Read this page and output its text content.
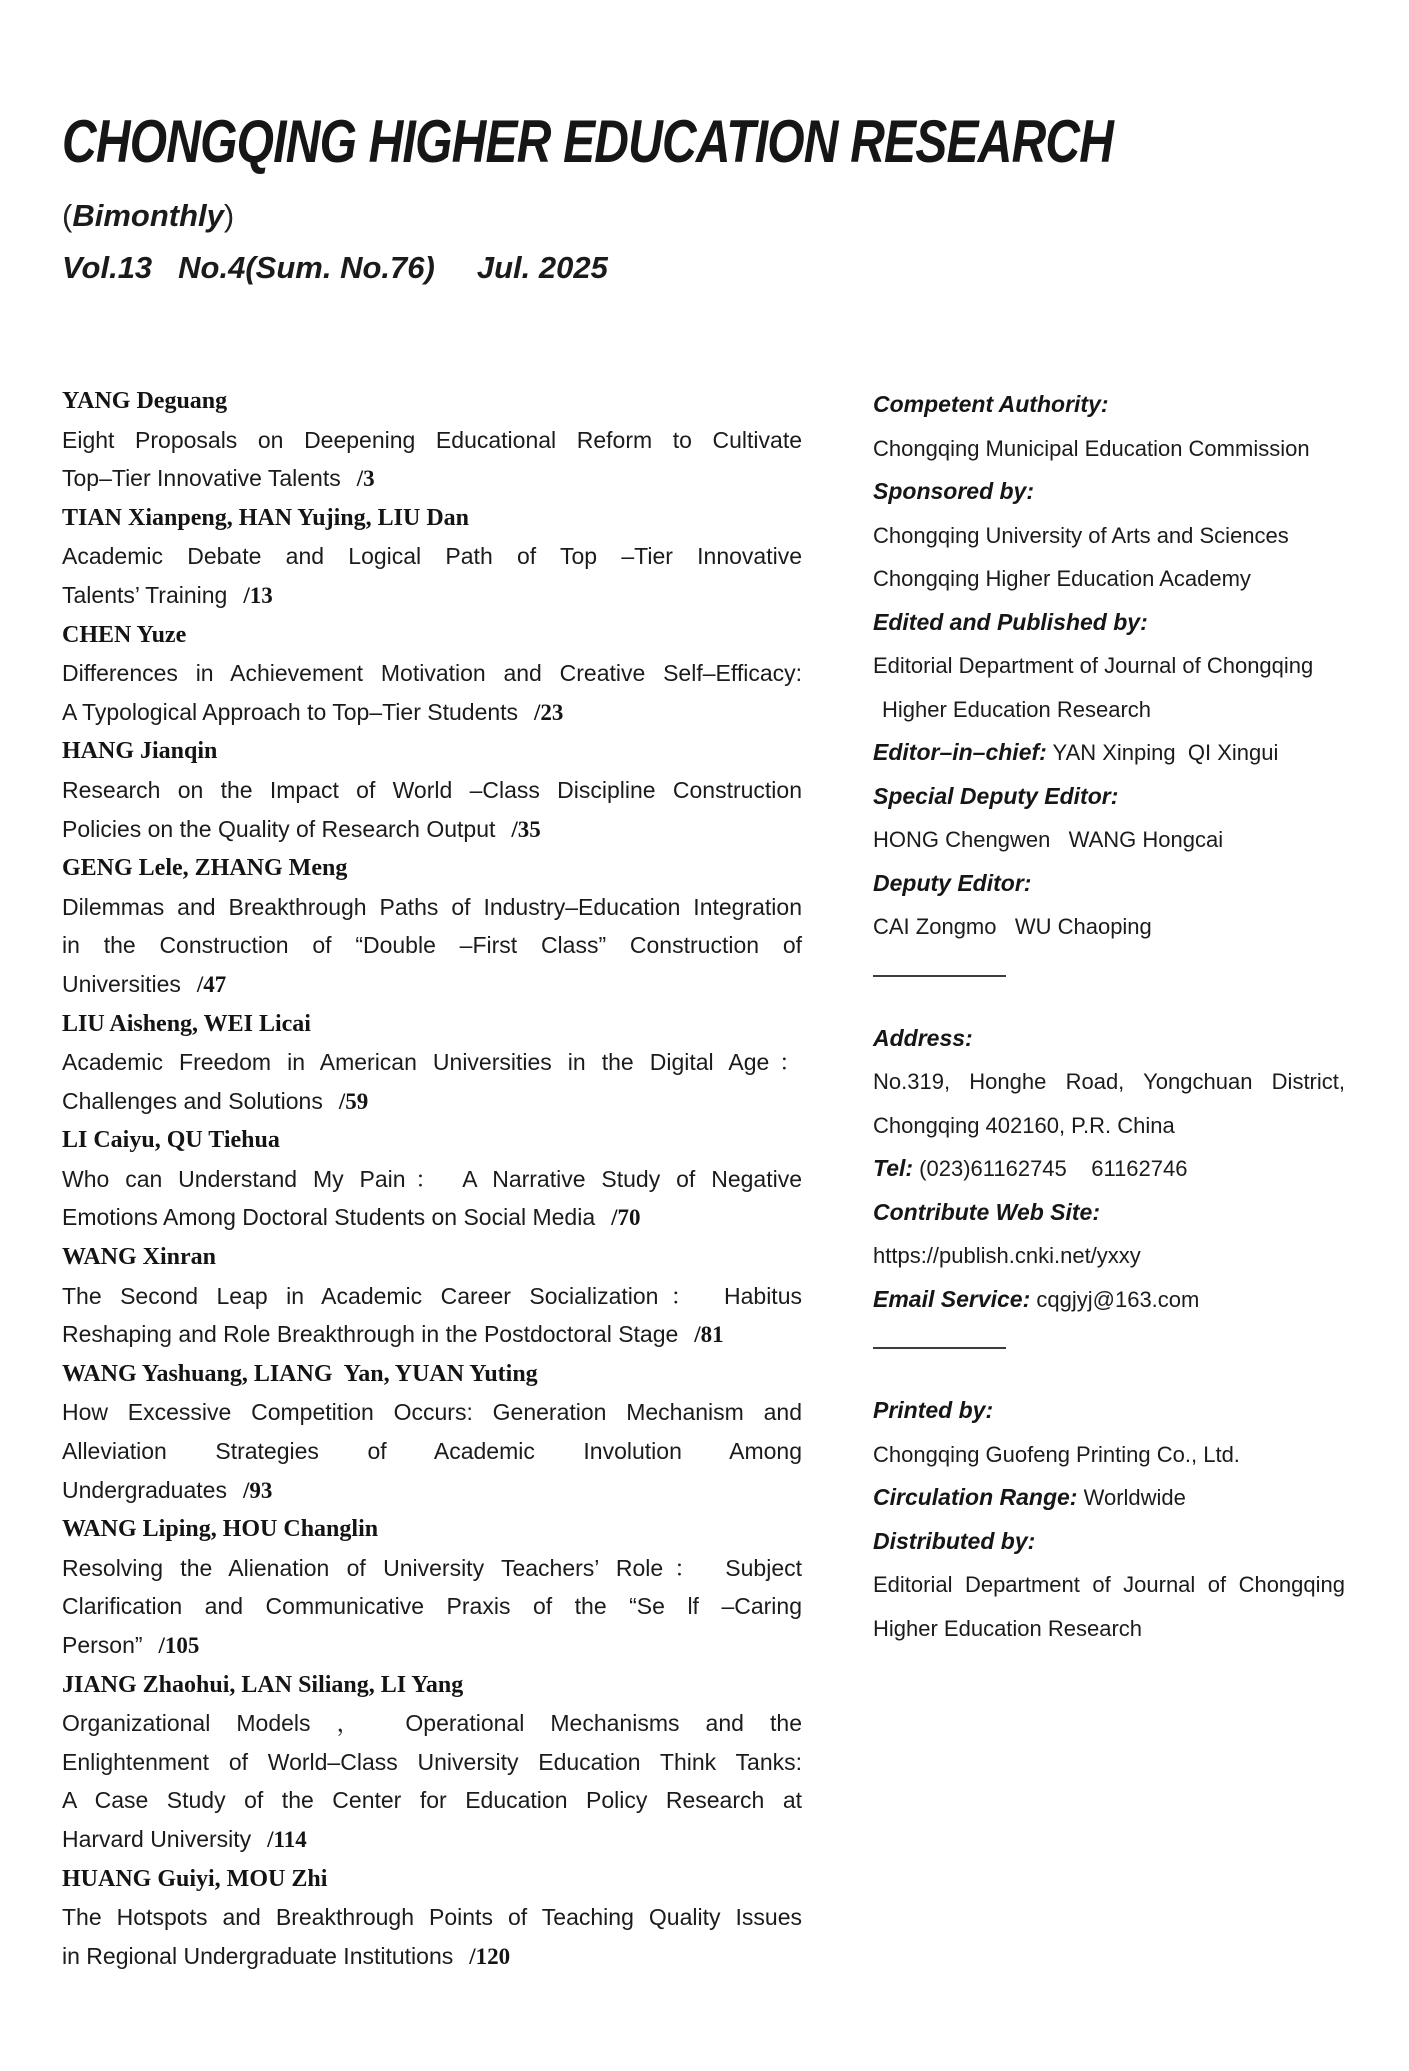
CHONGQING HIGHER EDUCATION RESEARCH
(Bimonthly)
Vol.13 No.4(Sum. No.76) Jul. 2025
YANG Deguang
Eight Proposals on Deepening Educational Reform to Cultivate
Top–Tier Innovative Talents /3
TIAN Xianpeng, HAN Yujing, LIU Dan
Academic Debate and Logical Path of Top –Tier Innovative
Talents’ Training /13
CHEN Yuze
Differences in Achievement Motivation and Creative Self–Efficacy:
A Typological Approach to Top–Tier Students /23
HANG Jianqin
Research on the Impact of World –Class Discipline Construction
Policies on the Quality of Research Output /35
GENG Lele, ZHANG Meng
Dilemmas and Breakthrough Paths of Industry–Education Integration
in the Construction of “Double –First Class” Construction of
Universities /47
LIU Aisheng, WEI Licai
Academic Freedom in American Universities in the Digital Age：
Challenges and Solutions /59
LI Caiyu, QU Tiehua
Who can Understand My Pain： A Narrative Study of Negative
Emotions Among Doctoral Students on Social Media /70
WANG Xinran
The Second Leap in Academic Career Socialization： Habitus
Reshaping and Role Breakthrough in the Postdoctoral Stage /81
WANG Yashuang, LIANG  Yan, YUAN Yuting
How Excessive Competition Occurs: Generation Mechanism and
Alleviation Strategies of Academic Involution Among
Undergraduates /93
WANG Liping, HOU Changlin
Resolving the Alienation of University Teachers’ Role： Subject
Clarification and Communicative Praxis of the “Se lf –Caring
Person” /105
JIANG Zhaohui, LAN Siliang, LI Yang
Organizational Models ， Operational Mechanisms and the
Enlightenment of World–Class University Education Think Tanks:
A Case Study of the Center for Education Policy Research at
Harvard University /114
HUANG Guiyi, MOU Zhi
The Hotspots and Breakthrough Points of Teaching Quality Issues
in Regional Undergraduate Institutions /120
Competent Authority:
Chongqing Municipal Education Commission
Sponsored by:
Chongqing University of Arts and Sciences
Chongqing Higher Education Academy
Edited and Published by:
Editorial Department of Journal of Chongqing
Higher Education Research
Editor–in–chief: YAN Xinping  QI Xingui
Special Deputy Editor:
HONG Chengwen   WANG Hongcai
Deputy Editor:
CAI Zongmo   WU Chaoping
Address:
No.319, Honghe Road, Yongchuan District,
Chongqing 402160, P.R. China
Tel: (023)61162745    61162746
Contribute Web Site:
https://publish.cnki.net/yxxy
Email Service: cqgjyj@163.com
Printed by:
Chongqing Guofeng Printing Co., Ltd.
Circulation Range: Worldwide
Distributed by:
Editorial Department of Journal of Chongqing
Higher Education Research
